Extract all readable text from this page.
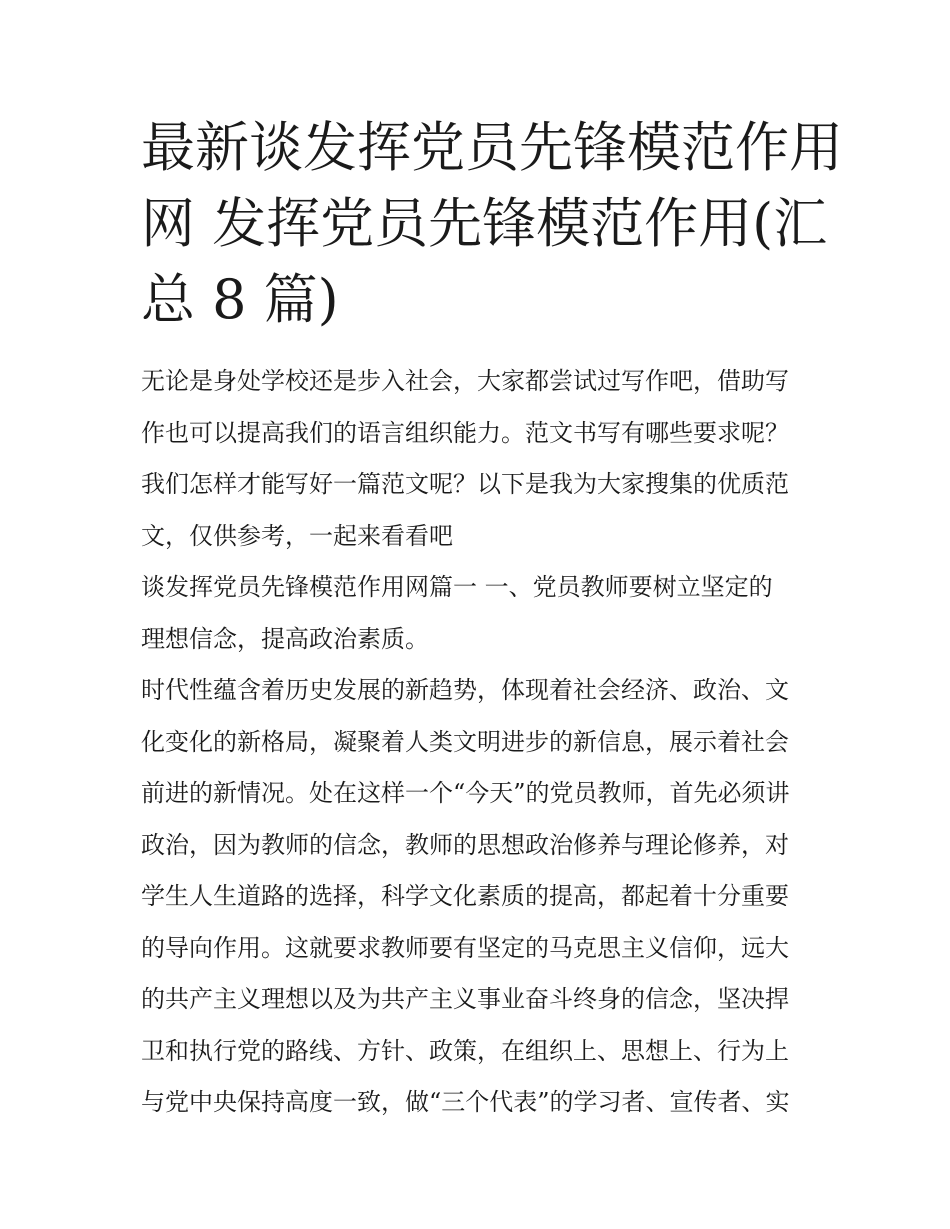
最新谈发挥党员先锋模范作用
网 发挥党员先锋模范作用(汇
总 8 篇)

无论是身处学校还是步入社会，大家都尝试过写作吧，借助写
作也可以提高我们的语言组织能力。范文书写有哪些要求呢？
我们怎样才能写好一篇范文呢？以下是我为大家搜集的优质范
文，仅供参考，一起来看看吧

谈发挥党员先锋模范作用网篇一 一、党员教师要树立坚定的
理想信念，提高政治素质。

时代性蕴含着历史发展的新趋势，体现着社会经济、政治、文
化变化的新格局，凝聚着人类文明进步的新信息，展示着社会
前进的新情况。处在这样一个“今天”的党员教师，首先必须讲
政治，因为教师的信念，教师的思想政治修养与理论修养，对
学生人生道路的选择，科学文化素质的提高，都起着十分重要
的导向作用。这就要求教师要有坚定的马克思主义信仰，远大
的共产主义理想以及为共产主义事业奋斗终身的信念，坚决捍
卫和执行党的路线、方针、政策，在组织上、思想上、行为上
与党中央保持高度一致，做“三个代表”的学习者、宣传者、实
